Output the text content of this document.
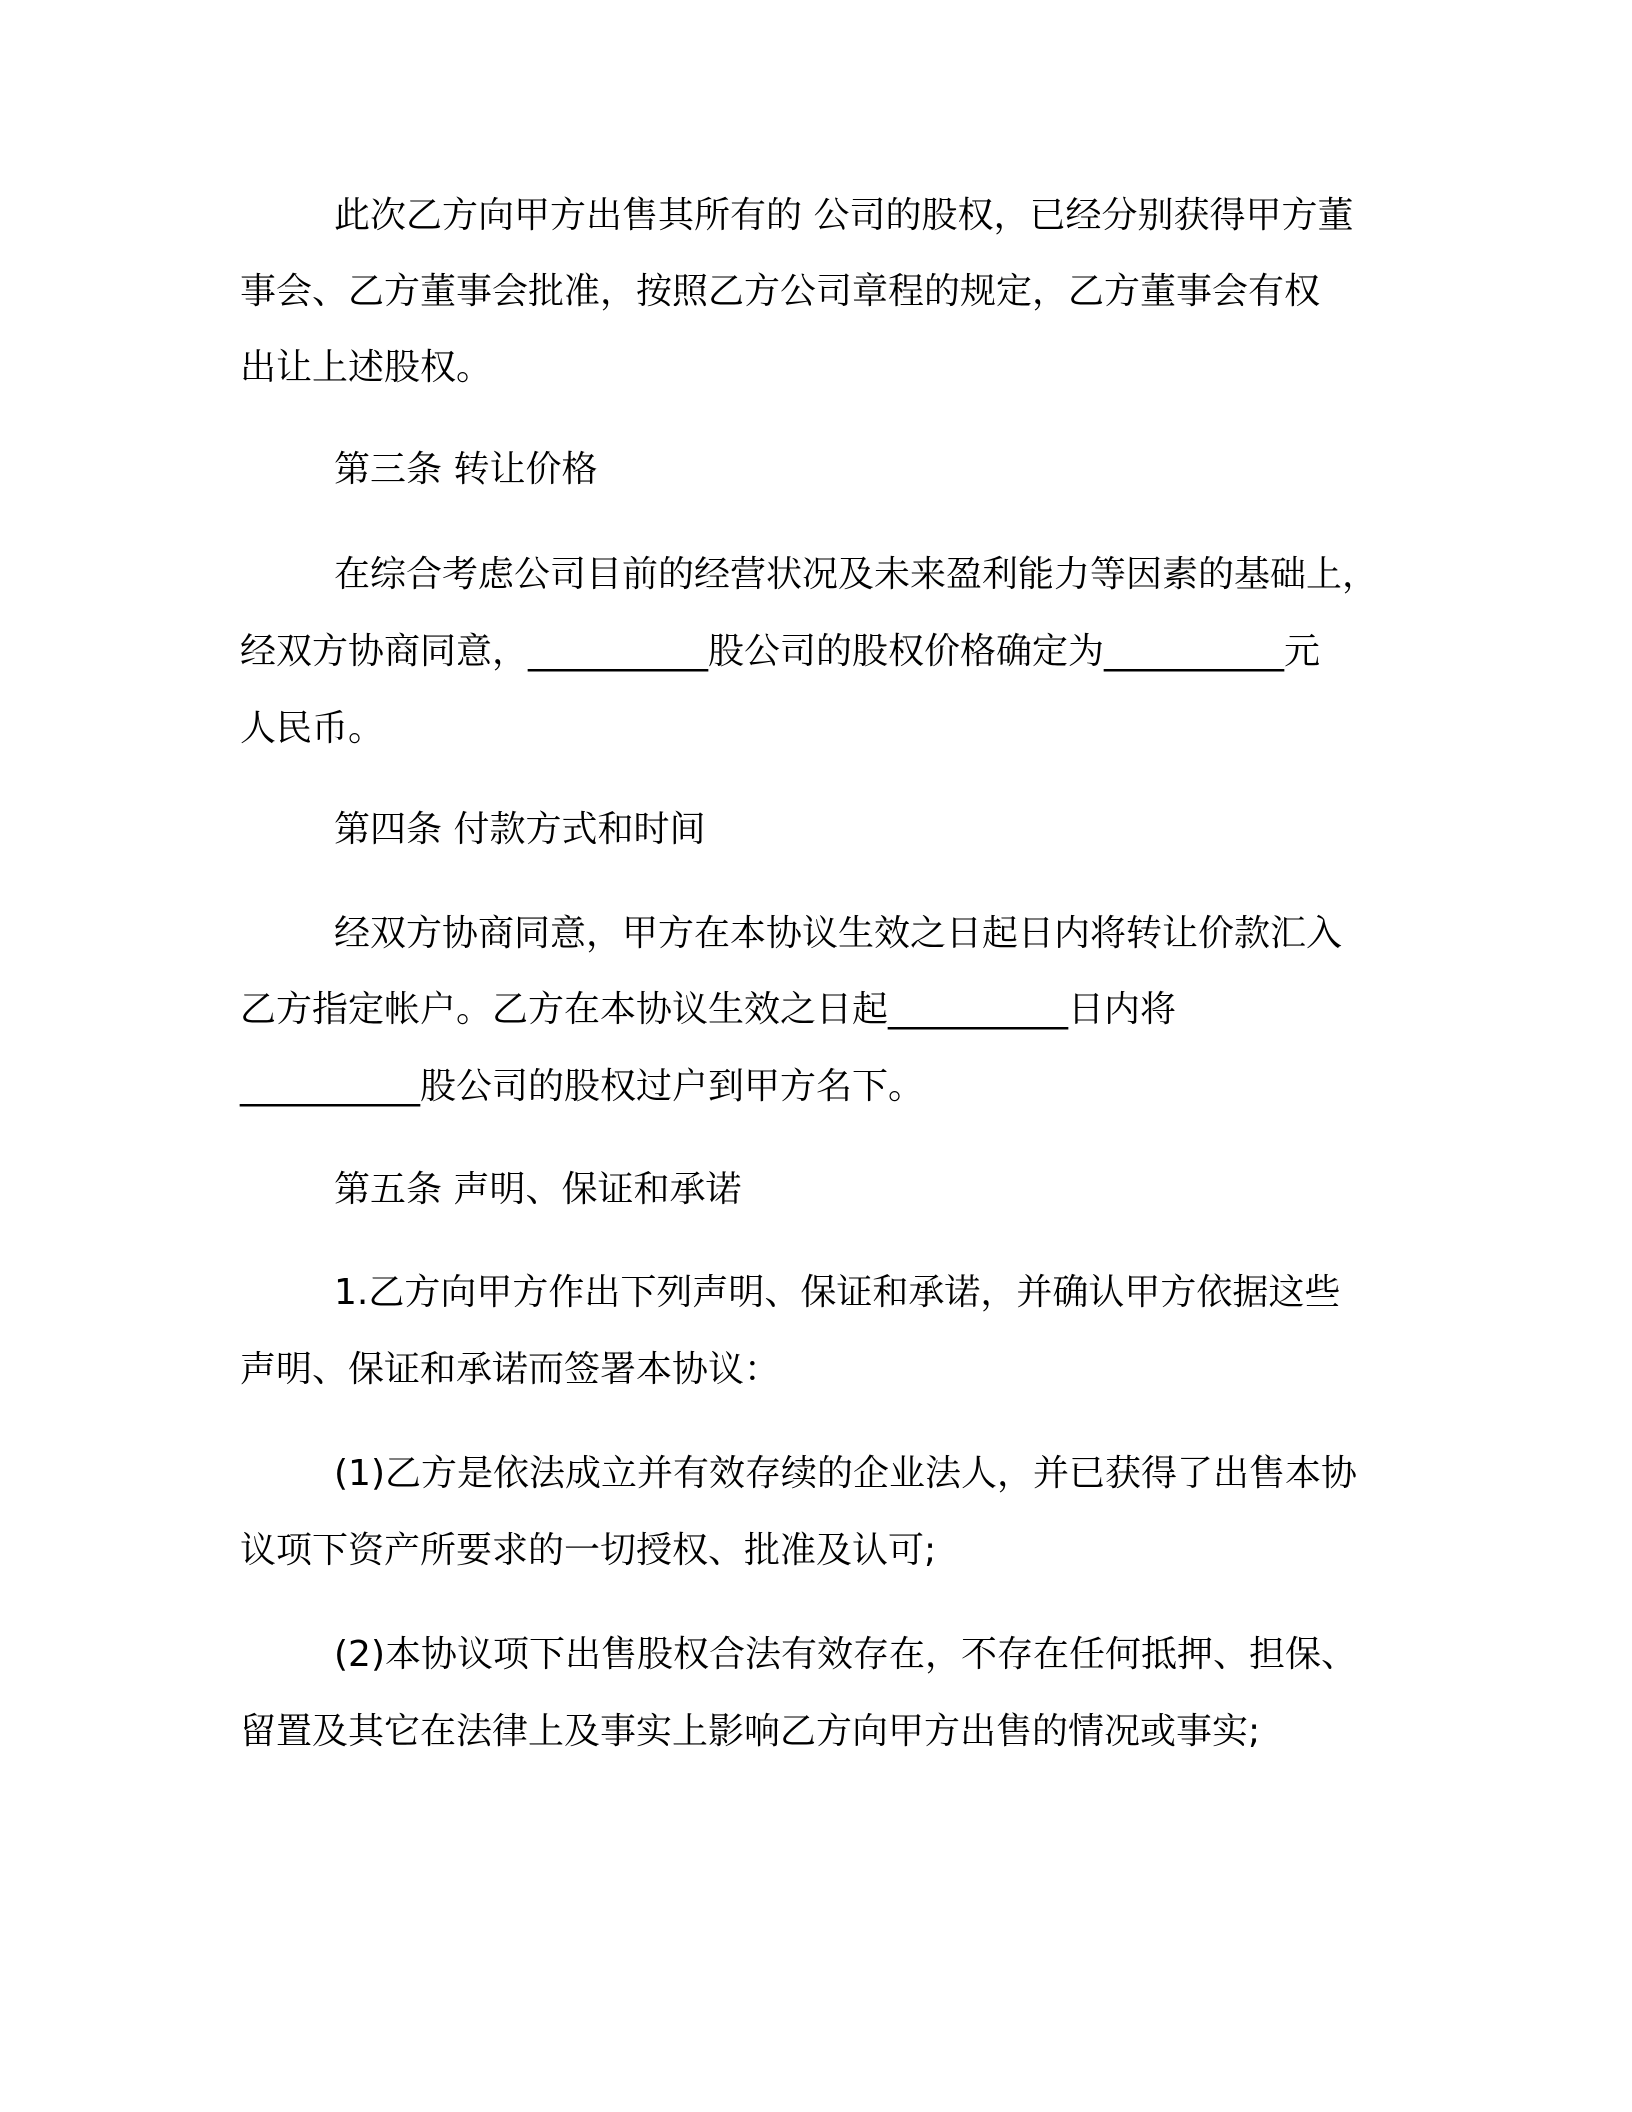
此次乙方向甲方出售其所有的 公司的股权，已经分别获得甲方董
事会、乙方董事会批准，按照乙方公司章程的规定，乙方董事会有权
出让上述股权。
第三条 转让价格
在综合考虑公司目前的经营状况及未来盈利能力等因素的基础上，
经双方协商同意，__________股公司的股权价格确定为__________元
人民币。
第四条 付款方式和时间
经双方协商同意，甲方在本协议生效之日起日内将转让价款汇入
乙方指定帐户。乙方在本协议生效之日起__________日内将
__________股公司的股权过户到甲方名下。
第五条 声明、保证和承诺
1.乙方向甲方作出下列声明、保证和承诺，并确认甲方依据这些
声明、保证和承诺而签署本协议：
(1)乙方是依法成立并有效存续的企业法人，并已获得了出售本协
议项下资产所要求的一切授权、批准及认可;
(2)本协议项下出售股权合法有效存在，不存在任何抵押、担保、
留置及其它在法律上及事实上影响乙方向甲方出售的情况或事实;
